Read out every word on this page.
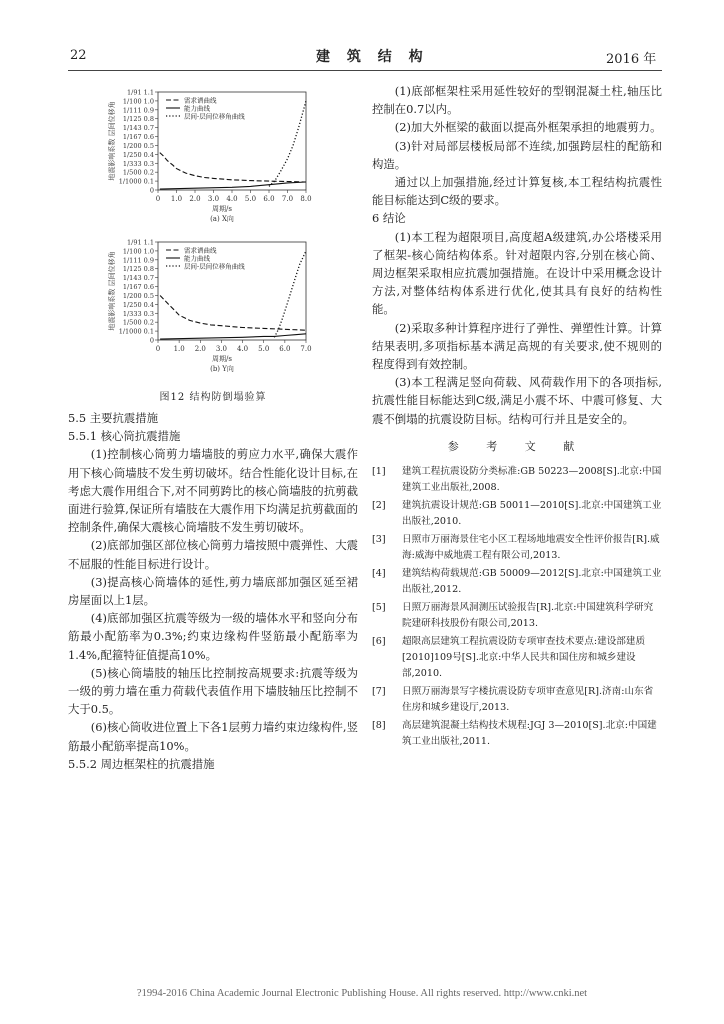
22	建 筑 结 构	2016 年
1/91 1.1
1/100 1.0
1/111 0.9
1/125 0.8
1/143 0.7
1/167 0.6
1/200 0.5
1/250 0.4
1/333 0.3
1/500 0.2
1/1000 0.1
0
地震影响系数 层间位移角
0 1.0 2.0 3.0 4.0 5.0 6.0 7.0 8.0
周期/s
(a) X向
需求谱曲线
能力曲线
层间-层间位移角曲线

1/91 1.1
1/100 1.0
1/111 0.9
1/125 0.8
1/143 0.7
1/167 0.6
1/200 0.5
1/250 0.4
1/333 0.3
1/500 0.2
1/1000 0.1
0
地震影响系数 层间位移角
0 1.0 2.0 3.0 4.0 5.0 6.0 7.0
周期/s
(b) Y向
需求谱曲线
能力曲线
层间-层间位移角曲线
图12 结构防倒塌验算
5.5 主要抗震措施
5.5.1 核心筒抗震措施

(1)控制核心筒剪力墙墙肢的剪应力水平,确保大震作用下核心筒墙肢不发生剪切破坏。结合性能化设计目标,在考虑大震作用组合下,对不同剪跨比的核心筒墙肢的抗剪截面进行验算,保证所有墙肢在大震作用下均满足抗剪截面的控制条件,确保大震核心筒墙肢不发生剪切破坏。

(2)底部加强区部位核心筒剪力墙按照中震弹性、大震不屈服的性能目标进行设计。

(3)提高核心筒墙体的延性,剪力墙底部加强区延至裙房屋面以上1层。

(4)底部加强区抗震等级为一级的墙体水平和竖向分布筋最小配筋率为0.3%;约束边缘构件竖筋最小配筋率为1.4%,配箍特征值提高10%。

(5)核心筒墙肢的轴压比控制按高规要求:抗震等级为一级的剪力墙在重力荷载代表值作用下墙肢轴压比控制不大于0.5。

(6)核心筒收进位置上下各1层剪力墙约束边缘构件,竖筋最小配筋率提高10%。

5.5.2 周边框架柱的抗震措施

(1)底部框架柱采用延性较好的型钢混凝土柱,轴压比控制在0.7以内。

(2)加大外框梁的截面以提高外框架承担的地震剪力。

(3)针对局部层楼板局部不连续,加强跨层柱的配筋和构造。

通过以上加强措施,经过计算复核,本工程结构抗震性能目标能达到C级的要求。

6 结论

(1)本工程为超限项目,高度超A级建筑,办公塔楼采用了框架-核心筒结构体系。针对超限内容,分别在核心筒、周边框架采取相应抗震加强措施。在设计中采用概念设计方法,对整体结构体系进行优化,使其具有良好的结构性能。

(2)采取多种计算程序进行了弹性、弹塑性计算。计算结果表明,多项指标基本满足高规的有关要求,使不规则的程度得到有效控制。

(3)本工程满足竖向荷载、风荷载作用下的各项指标,抗震性能目标能达到C级,满足小震不坏、中震可修复、大震不倒塌的抗震设防目标。结构可行并且是安全的。

参 考 文 献
[1]	建筑工程抗震设防分类标准:GB 50223—2008[S].北京:中国建筑工业出版社,2008.
[2]	建筑抗震设计规范:GB 50011—2010[S].北京:中国建筑工业出版社,2010.
[3]	日照市万丽海景住宅小区工程场地地震安全性评价报告[R].威海:威海中威地震工程有限公司,2013.
[4]	建筑结构荷载规范:GB 50009—2012[S].北京:中国建筑工业出版社,2012.
[5]	日照万丽海景风洞测压试验报告[R].北京:中国建筑科学研究院建研科技股份有限公司,2013.
[6]	超限高层建筑工程抗震设防专项审查技术要点:建设部建质[2010]109号[S].北京:中华人民共和国住房和城乡建设部,2010.
[7]	日照万丽海景写字楼抗震设防专项审查意见[R].济南:山东省住房和城乡建设厅,2013.
[8]	高层建筑混凝土结构技术规程:JGJ 3—2010[S].北京:中国建筑工业出版社,2011.
?1994-2016 China Academic Journal Electronic Publishing House. All rights reserved. http://www.cnki.net
